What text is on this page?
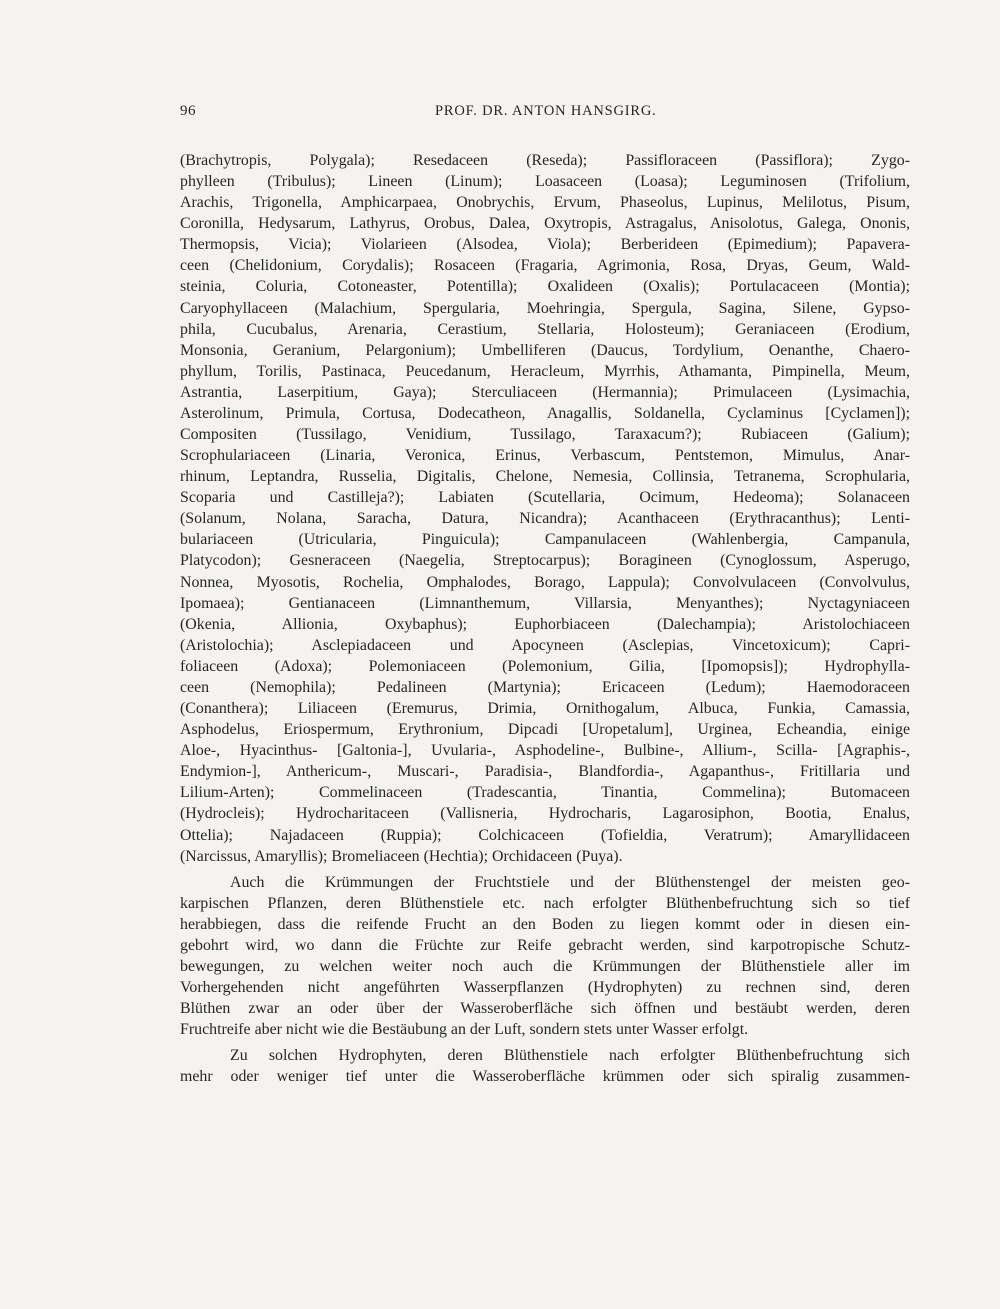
96	PROF. DR. ANTON HANSGIRG.
(Brachytropis, Polygala); Resedaceen (Reseda); Passifloraceen (Passiflora); Zygo-
phylleen (Tribulus); Lineen (Linum); Loasaceen (Loasa); Leguminosen (Trifolium,
Arachis, Trigonella, Amphicarpaea, Onobrychis, Ervum, Phaseolus, Lupinus, Melilotus, Pisum,
Coronilla, Hedysarum, Lathyrus, Orobus, Dalea, Oxytropis, Astragalus, Anisolotus, Galega, Ononis,
Thermopsis, Vicia); Violarieen (Alsodea, Viola); Berberideen (Epimedium); Papavera-
ceen (Chelidonium, Corydalis); Rosaceen (Fragaria, Agrimonia, Rosa, Dryas, Geum, Wald-
steinia, Coluria, Cotoneaster, Potentilla); Oxalideen (Oxalis); Portulacaceen (Montia);
Caryophyllaceen (Malachium, Spergularia, Moehringia, Spergula, Sagina, Silene, Gypso-
phila, Cucubalus, Arenaria, Cerastium, Stellaria, Holosteum); Geraniaceen (Erodium,
Monsonia, Geranium, Pelargonium); Umbelliferen (Daucus, Tordylium, Oenanthe, Chaero-
phyllum, Torilis, Pastinaca, Peucedanum, Heracleum, Myrrhis, Athamanta, Pimpinella, Meum,
Astrantia, Laserpitium, Gaya); Sterculiaceen (Hermannia); Primulaceen (Lysimachia,
Asterolinum, Primula, Cortusa, Dodecatheon, Anagallis, Soldanella, Cyclaminus [Cyclamen]);
Compositen (Tussilago, Venidium, Tussilago, Taraxacum?); Rubiaceen (Galium);
Scrophulariaceen (Linaria, Veronica, Erinus, Verbascum, Pentstemon, Mimulus, Anar-
rhinum, Leptandra, Russelia, Digitalis, Chelone, Nemesia, Collinsia, Tetranema, Scrophularia,
Scoparia und Castilleja?); Labiaten (Scutellaria, Ocimum, Hedeoma); Solanaceen
(Solanum, Nolana, Saracha, Datura, Nicandra); Acanthaceen (Erythracanthus); Lenti-
bulariaceen (Utricularia, Pinguicula); Campanulaceen (Wahlenbergia, Campanula,
Platycodon); Gesneraceen (Naegelia, Streptocarpus); Boragineen (Cynoglossum, Asperugo,
Nonnea, Myosotis, Rochelia, Omphalodes, Borago, Lappula); Convolvulaceen (Convolvulus,
Ipomaea); Gentianaceen (Limnanthemum, Villarsia, Menyanthes); Nyctagyniaceen
(Okenia, Allionia, Oxybaphus); Euphorbiaceen (Dalechampia); Aristolochiaceen
(Aristolochia); Asclepiadaceen und Apocyneen (Asclepias, Vincetoxicum); Capri-
foliaceen (Adoxa); Polemoniaceen (Polemonium, Gilia, [Ipomopsis]); Hydrophylla-
ceen (Nemophila); Pedalineen (Martynia); Ericaceen (Ledum); Haemodoraceen
(Conanthera); Liliaceen (Eremurus, Drimia, Ornithogalum, Albuca, Funkia, Camassia,
Asphodelus, Eriospermum, Erythronium, Dipcadi [Uropetalum], Urginea, Echeandia, einige
Aloe-, Hyacinthus- [Galtonia-], Uvularia-, Asphodeline-, Bulbine-, Allium-, Scilla- [Agraphis-,
Endymion-], Anthericum-, Muscari-, Paradisia-, Blandfordia-, Agapanthus-, Fritillaria und
Lilium-Arten); Commelinaceen (Tradescantia, Tinantia, Commelina); Butomaceen
(Hydrocleis); Hydrocharitaceen (Vallisneria, Hydrocharis, Lagarosiphon, Bootia, Enalus,
Ottelia); Najadaceen (Ruppia); Colchicaceen (Tofieldia, Veratrum); Amaryllidaceen
(Narcissus, Amaryllis); Bromeliaceen (Hechtia); Orchidaceen (Puya).
Auch die Krümmungen der Fruchtstiele und der Blüthenstengel der meisten geo-
karpischen Pflanzen, deren Blüthenstiele etc. nach erfolgter Blüthenbefruchtung sich so tief
herabbiegen, dass die reifende Frucht an den Boden zu liegen kommt oder in diesen ein-
gebohrt wird, wo dann die Früchte zur Reife gebracht werden, sind karpotropische Schutz-
bewegungen, zu welchen weiter noch auch die Krümmungen der Blüthenstiele aller im
Vorhergehenden nicht angeführten Wasserpflanzen (Hydrophyten) zu rechnen sind, deren
Blüthen zwar an oder über der Wasseroberfläche sich öffnen und bestäubt werden, deren
Fruchtreife aber nicht wie die Bestäubung an der Luft, sondern stets unter Wasser erfolgt.
Zu solchen Hydrophyten, deren Blüthenstiele nach erfolgter Blüthenbefruchtung sich
mehr oder weniger tief unter die Wasseroberfläche krümmen oder sich spiralig zusammen-
